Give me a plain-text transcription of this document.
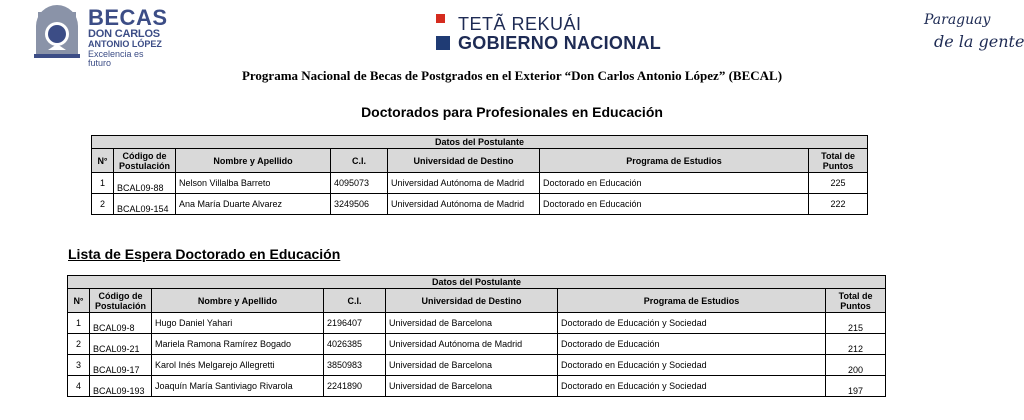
BECAS
DON CARLOS
ANTONIO LÓPEZ
Excelencia es futuro
TETÃ REKUÁI
GOBIERNO NACIONAL
Paraguay
de la gente
Programa Nacional de Becas de Postgrados en el Exterior “Don Carlos Antonio López” (BECAL)
Doctorados para Profesionales en Educación
Datos del Postulante						
N°	Código de Postulación	Nombre y Apellido	C.I.	Universidad de Destino	Programa de Estudios	Total de Puntos
1	BCAL09-88	Nelson Villalba Barreto	4095073	Universidad Autónoma de Madrid	Doctorado en Educación	225
2	BCAL09-154	Ana María Duarte Alvarez	3249506	Universidad Autónoma de Madrid	Doctorado en Educación	222
Lista de Espera Doctorado en Educación
Datos del Postulante						
N°	Código de Postulación	Nombre y Apellido	C.I.	Universidad de Destino	Programa de Estudios	Total de Puntos
1	BCAL09-8	Hugo Daniel Yahari	2196407	Universidad de Barcelona	Doctorado de Educación y Sociedad	215
2	BCAL09-21	Mariela Ramona Ramírez Bogado	4026385	Universidad Autónoma de Madrid	Doctorado de Educación	212
3	BCAL09-17	Karol Inés Melgarejo Allegretti	3850983	Universidad de Barcelona	Doctorado en Educación y Sociedad	200
4	BCAL09-193	Joaquín María Santiviago Rivarola	2241890	Universidad de Barcelona	Doctorado en Educación y Sociedad	197
